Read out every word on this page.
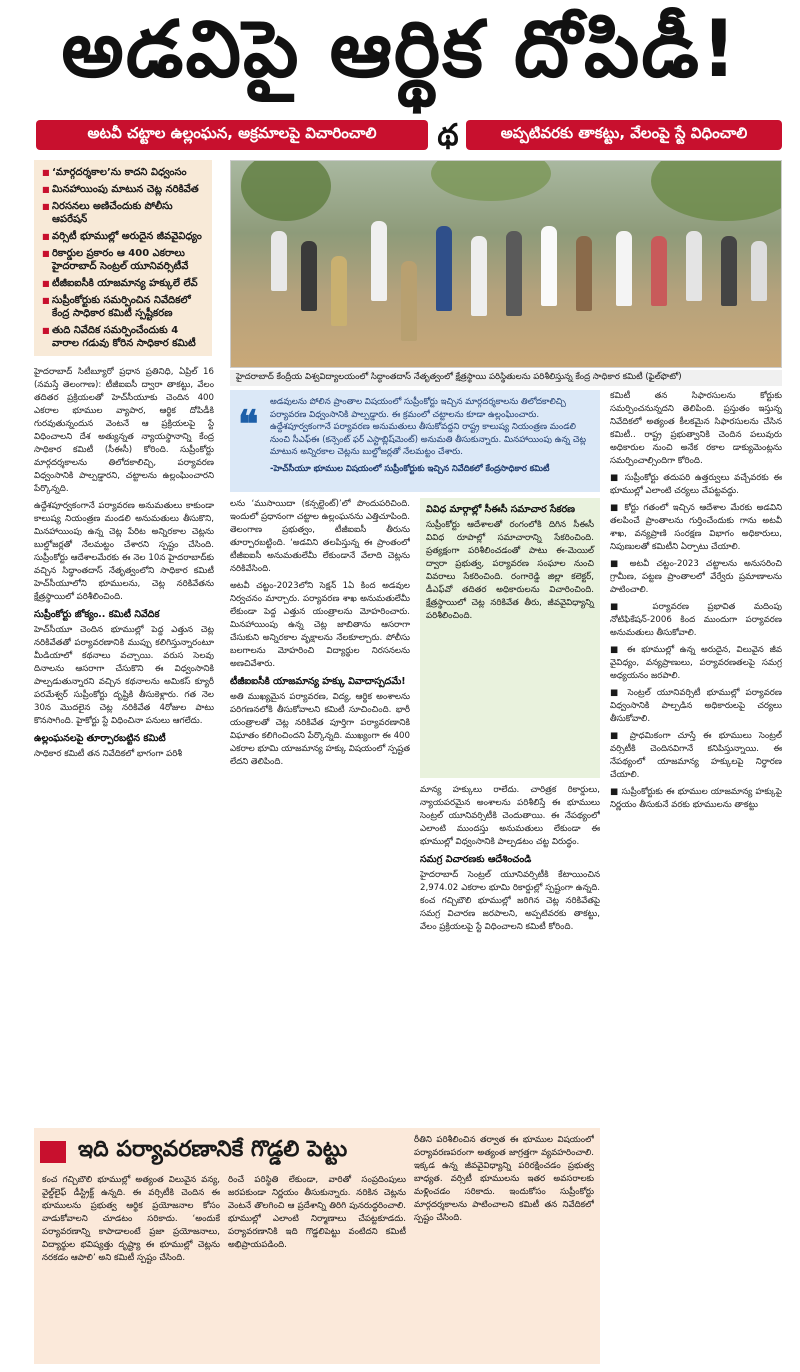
అడవిపై ఆర్థిక దోపిడీ!
అటవీ చట్టాల ఉల్లంఘన, అక్రమాలపై విచారించాలి	థ	అప్పటివరకు తాకట్టు, వేలంపై స్టే విధించాలి
■ ‘మార్గదర్శకాల’ను కాదని విధ్వంసం
■ మినహాయింపు మాటున చెట్ల నరికివేత
■ నిరసనలు అణిచేందుకు పోలీసు ఆపరేషన్
■ వర్సిటీ భూముల్లో అరుదైన జీవవైవిధ్యం
■ రికార్డుల ప్రకారం ఆ 400 ఎకరాలు హైదరాబాద్ సెంట్రల్ యూనివర్సిటీవే
■ టీజీఐఐసీకి యాజమాన్య హక్కులే లేవ్
■ సుప్రీంకోర్టుకు సమర్పించిన నివేదికలో కేంద్ర సాధికార కమిటీ స్పష్టీకరణ
■ తుది నివేదిక సమర్పించేందుకు 4 వారాల గడువు కోరిన సాధికార కమిటీ
హైదరాబాద్ కేంద్రీయ విశ్వవిద్యాలయంలో సిద్ధాంతదాస్ నేతృత్వంలో క్షేత్రస్థాయి పరిస్థితులను పరిశీలిస్తున్న కేంద్ర సాధికార కమిటీ (ఫైల్‌ఫొటో)
❝ అడవులను పోలిన ప్రాంతాల విషయంలో సుప్రీంకోర్టు ఇచ్చిన మార్గదర్శకాలను తిలోదకాలిచ్చి పర్యావరణ విధ్వంసానికి పాల్పడ్డారు. ఈ క్రమంలో చట్టాలను కూడా ఉల్లంఘించారు. ఉద్దేశపూర్వకంగానే పర్యావరణ అనుమతులు తీసుకోవద్దని రాష్ట్ర కాలుష్య నియంత్రణ మండలి నుంచి సీఎఫ్ఈ (కన్సెంట్ ఫర్ ఎస్టాబ్లిష్‌మెంట్) అనుమతి తీసుకున్నారు. మినహాయింపు ఉన్న చెట్ల మాటున అన్నిరకాల చెట్లను బుల్డోజర్లతో నేలమట్టం చేశారు.
-హెచ్‌సీయూ భూముల విషయంలో సుప్రీంకోర్టుకు ఇచ్చిన నివేదికలో కేంద్రసాధికార కమిటీ

హైదరాబాద్ సిటీబ్యూరో ప్రధాన ప్రతినిధి, ఏప్రిల్ 16 (నమస్తే తెలంగాణ): టీజీఐఐసీ ద్వారా తాకట్టు, వేలం తదితర ప్రక్రియలతో హెచ్‌సీయూకు చెందిన 400 ఎకరాల భూముల వ్యాపార, ఆర్థిక దోపిడీకి గురవుతున్నందున వెంటనే ఆ ప్రక్రియలపై స్టే విధించాలని దేశ అత్యున్నత న్యాయస్థానాన్ని కేంద్ర సాధికార కమిటీ (సీఈసీ) కోరింది. సుప్రీంకోర్టు మార్గదర్శకాలను తిలోదకాలిచ్చి, పర్యావరణ విధ్వంసానికి పాల్పడ్డారని, చట్టాలను ఉల్లంఘించారని పేర్కొన్నది.

ఉద్దేశపూర్వకంగానే పర్యావరణ అనుమతులు కాకుండా కాలుష్య నియంత్రణ మండలి అనుమతులు తీసుకొని, మినహాయింపు ఉన్న చెట్ల పేరిట అన్నిరకాల చెట్లను బుల్డోజర్లతో నేలమట్టం చేశారని స్పష్టం చేసింది. సుప్రీంకోర్టు ఆదేశాలమేరకు ఈ నెల 10న హైదరాబాద్‌కు వచ్చిన సిద్ధాంతదాస్ నేతృత్వంలోని సాధికార కమిటీ హెచ్‌సీయూలోని భూములను, చెట్ల నరికివేతను క్షేత్రస్థాయిలో పరిశీలించింది.

సుప్రీంకోర్టు జోక్యం.. కమిటీ నివేదిక

హెచ్‌సీయూ చెందిన భూముల్లో పెద్ద ఎత్తున చెట్ల నరికివేతతో పర్యావరణానికి ముప్పు కలిగిస్తున్నారంటూ మీడియాలో కథనాలు వచ్చాయి. వరుస సెలవు దినాలను ఆసరాగా చేసుకొని ఈ విధ్వంసానికి పాల్పడుతున్నారని వచ్చిన కథనాలను అమికస్ క్యూరీ పరమేశ్వర్ సుప్రీంకోర్టు దృష్టికి తీసుకెళ్లారు. గత నెల 30న మొదలైన చెట్ల నరికివేత 4రోజుల పాటు కొనసాగింది. హైకోర్టు స్టే విధించినా పనులు ఆగలేదు.

ఉల్లంఘనలపై తూర్పారబట్టిన కమిటీ

సాధికార కమిటీ తన నివేదికలో భాగంగా పరిశీ

లను ‘ముసాయిదా (కన్సల్టెంట్)’లో పొందుపరిచింది. ఇందులో ప్రధానంగా చట్టాల ఉల్లంఘనను ఎత్తిచూపింది. తెలంగాణ ప్రభుత్వం, టీజీఐఐసీ తీరును తూర్పారబట్టింది. ‘అడవిని తలపిస్తున్న ఈ ప్రాంతంలో టీజీఐఐసీ అనుమతులేమీ లేకుండానే వేలాది చెట్లను నరికివేసింది.

అటవీ చట్టం-2023లోని సెక్షన్ 1ఏ కింద అడవుల నిర్వచనం మార్చారు. పర్యావరణ శాఖ అనుమతులేమీ లేకుండా పెద్ద ఎత్తున యంత్రాలను మోహరించారు. మినహాయింపు ఉన్న చెట్ల జాబితాను ఆసరాగా చేసుకుని అన్నిరకాల వృక్షాలను నేలకూల్చారు. పోలీసు బలగాలను మోహరించి విద్యార్థుల నిరసనలను అణచివేశారు.

టీజీఐఐసీకి యాజమాన్య హక్కు వివాదాస్పదమే!

అతి ముఖ్యమైన పర్యావరణ, విద్య, ఆర్థిక అంశాలను పరిగణనలోకి తీసుకోవాలని కమిటీ సూచించింది. భారీ యంత్రాలతో చెట్ల నరికివేత పూర్తిగా పర్యావరణానికి విఘాతం కలిగించిందని పేర్కొన్నది. ముఖ్యంగా ఈ 400 ఎకరాల భూమి యాజమాన్య హక్కు విషయంలో స్పష్టత లేదని తెలిపింది.

వివిధ మార్గాల్లో సీఈసీ సమాచార సేకరణ
సుప్రీంకోర్టు ఆదేశాలతో రంగంలోకి దిగిన సీఈసీ వివిధ రూపాల్లో సమాచారాన్ని సేకరించింది. ప్రత్యక్షంగా పరిశీలించడంతో పాటు ఈ-మెయిల్ ద్వారా ప్రభుత్వ, పర్యావరణ సంఘాల నుంచి వివరాలు సేకరించింది. రంగారెడ్డి జిల్లా కలెక్టర్, డీఎఫ్‌వో తదితర అధికారులను విచారించింది. క్షేత్రస్థాయిలో చెట్ల నరికివేత తీరు, జీవవైవిధ్యాన్ని పరిశీలించింది.

మాన్య హక్కులు రాలేదు. చారిత్రక రికార్డులు, న్యాయపరమైన అంశాలను పరిశీలిస్తే ఈ భూములు సెంట్రల్ యూనివర్సిటీకి చెందుతాయి. ఈ నేపథ్యంలో ఎలాంటి ముందస్తు అనుమతులు లేకుండా ఈ భూముల్లో విధ్వంసానికి పాల్పడటం చట్ట విరుద్ధం.

సమగ్ర విచారణకు ఆదేశించండి

హైదరాబాద్ సెంట్రల్ యూనివర్సిటీకి కేటాయించిన 2,974.02 ఎకరాల భూమి రికార్డుల్లో స్పష్టంగా ఉన్నది. కంచ గచ్చిబౌలి భూముల్లో జరిగిన చెట్ల నరికివేతపై సమగ్ర విచారణ జరపాలని, అప్పటివరకు తాకట్టు, వేలం ప్రక్రియలపై స్టే విధించాలని కమిటీ కోరింది.

కమిటీ తన సిఫారసులను కోర్టుకు సమర్పించనున్నదని తెలిపింది. ప్రస్తుతం ఇస్తున్న నివేదికలో అత్యంత కీలకమైన సిఫారసులను చేసిన కమిటీ.. రాష్ట్ర ప్రభుత్వానికి చెందిన పలువురు అధికారుల నుంచి అనేక రకాల డాక్యుమెంట్లను సమర్పించాల్సిందిగా కోరింది.

■ సుప్రీంకోర్టు తదుపరి ఉత్తర్వులు వచ్చేవరకు ఈ భూముల్లో ఎలాంటి చర్యలు చేపట్టవద్దు.

■ కోర్టు గతంలో ఇచ్చిన ఆదేశాల మేరకు అడవిని తలపించే ప్రాంతాలను గుర్తించేందుకు గాను అటవీ శాఖ, వన్యప్రాణి సంరక్షణ విభాగం అధికారులు, నిపుణులతో కమిటీని ఏర్పాటు చేయాలి.

■ అటవీ చట్టం-2023 చట్టాలను అనుసరించి గ్రామీణ, పట్టణ ప్రాంతాలలో వేర్వేరు ప్రమాణాలను పాటించాలి.

■ పర్యావరణ ప్రభావిత మదింపు నోటిఫికేషన్-2006 కింద ముందుగా పర్యావరణ అనుమతులు తీసుకోవాలి.

■ ఈ భూముల్లో ఉన్న అరుదైన, విలువైన జీవ వైవిధ్యం, వన్యప్రాణులు, పర్యావరణతలపై సమగ్ర అధ్యయనం జరపాలి.

■ సెంట్రల్ యూనివర్సిటీ భూముల్లో పర్యావరణ విధ్వంసానికి పాల్పడిన అధికారులపై చర్యలు తీసుకోవాలి.

■ ప్రాధమికంగా చూస్తే ఈ భూములు సెంట్రల్ వర్సిటీకి చెందినవిగానే కనిపిస్తున్నాయి. ఈ నేపథ్యంలో యాజమాన్య హక్కులపై నిర్ధారణ చేయాలి.

■ సుప్రీంకోర్టుకు ఈ భూముల యాజమాన్య హక్కుపై నిర్ణయం తీసుకునే వరకు భూములను తాకట్టు

ఇది పర్యావరణానికే గొడ్డలి పెట్టు
కంచ గచ్చిబౌలి భూముల్లో అత్యంత విలువైన వన్య, వైల్డ్‌లైఫ్ డీస్ట్రిక్ట్ ఉన్నది. ఈ వర్సిటీకి చెందిన ఈ భూములను ప్రభుత్వ ఆర్థిక ప్రయోజనాల కోసం వాడుకోవాలని చూడటం సరికాదు. ‘అందుకే పర్యావరణాన్ని కాపాడాలంటే ప్రజా ప్రయోజనాలు, విద్యార్థుల భవిష్యత్తు దృష్ట్యా ఈ భూముల్లో చెట్లను నరకడం ఆపాలి’ అని కమిటీ స్పష్టం చేసింది.
రించే పరిస్థితి లేకుండా, వారితో సంప్రదింపులు జరపకుండా నిర్ణయం తీసుకున్నారు. నరికిన చెట్లను వెంటనే తొలగించి ఆ ప్రదేశాన్ని తిరిగి పునరుద్ధరించాలి. భూముల్లో ఎలాంటి నిర్మాణాలు చేపట్టకూడదు. పర్యావరణానికి ఇది గొడ్డలిపెట్టు వంటిదని కమిటీ అభిప్రాయపడింది.
రీతిని పరిశీలించిన తర్వాత ఈ భూముల విషయంలో పర్యావరణపరంగా అత్యంత జాగ్రత్తగా వ్యవహరించాలి. ఇక్కడ ఉన్న జీవవైవిధ్యాన్ని పరిరక్షించడం ప్రభుత్వ బాధ్యత. వర్సిటీ భూములను ఇతర అవసరాలకు మళ్లించడం సరికాదు. ఇందుకోసం సుప్రీంకోర్టు మార్గదర్శకాలను పాటించాలని కమిటీ తన నివేదికలో స్పష్టం చేసింది.
